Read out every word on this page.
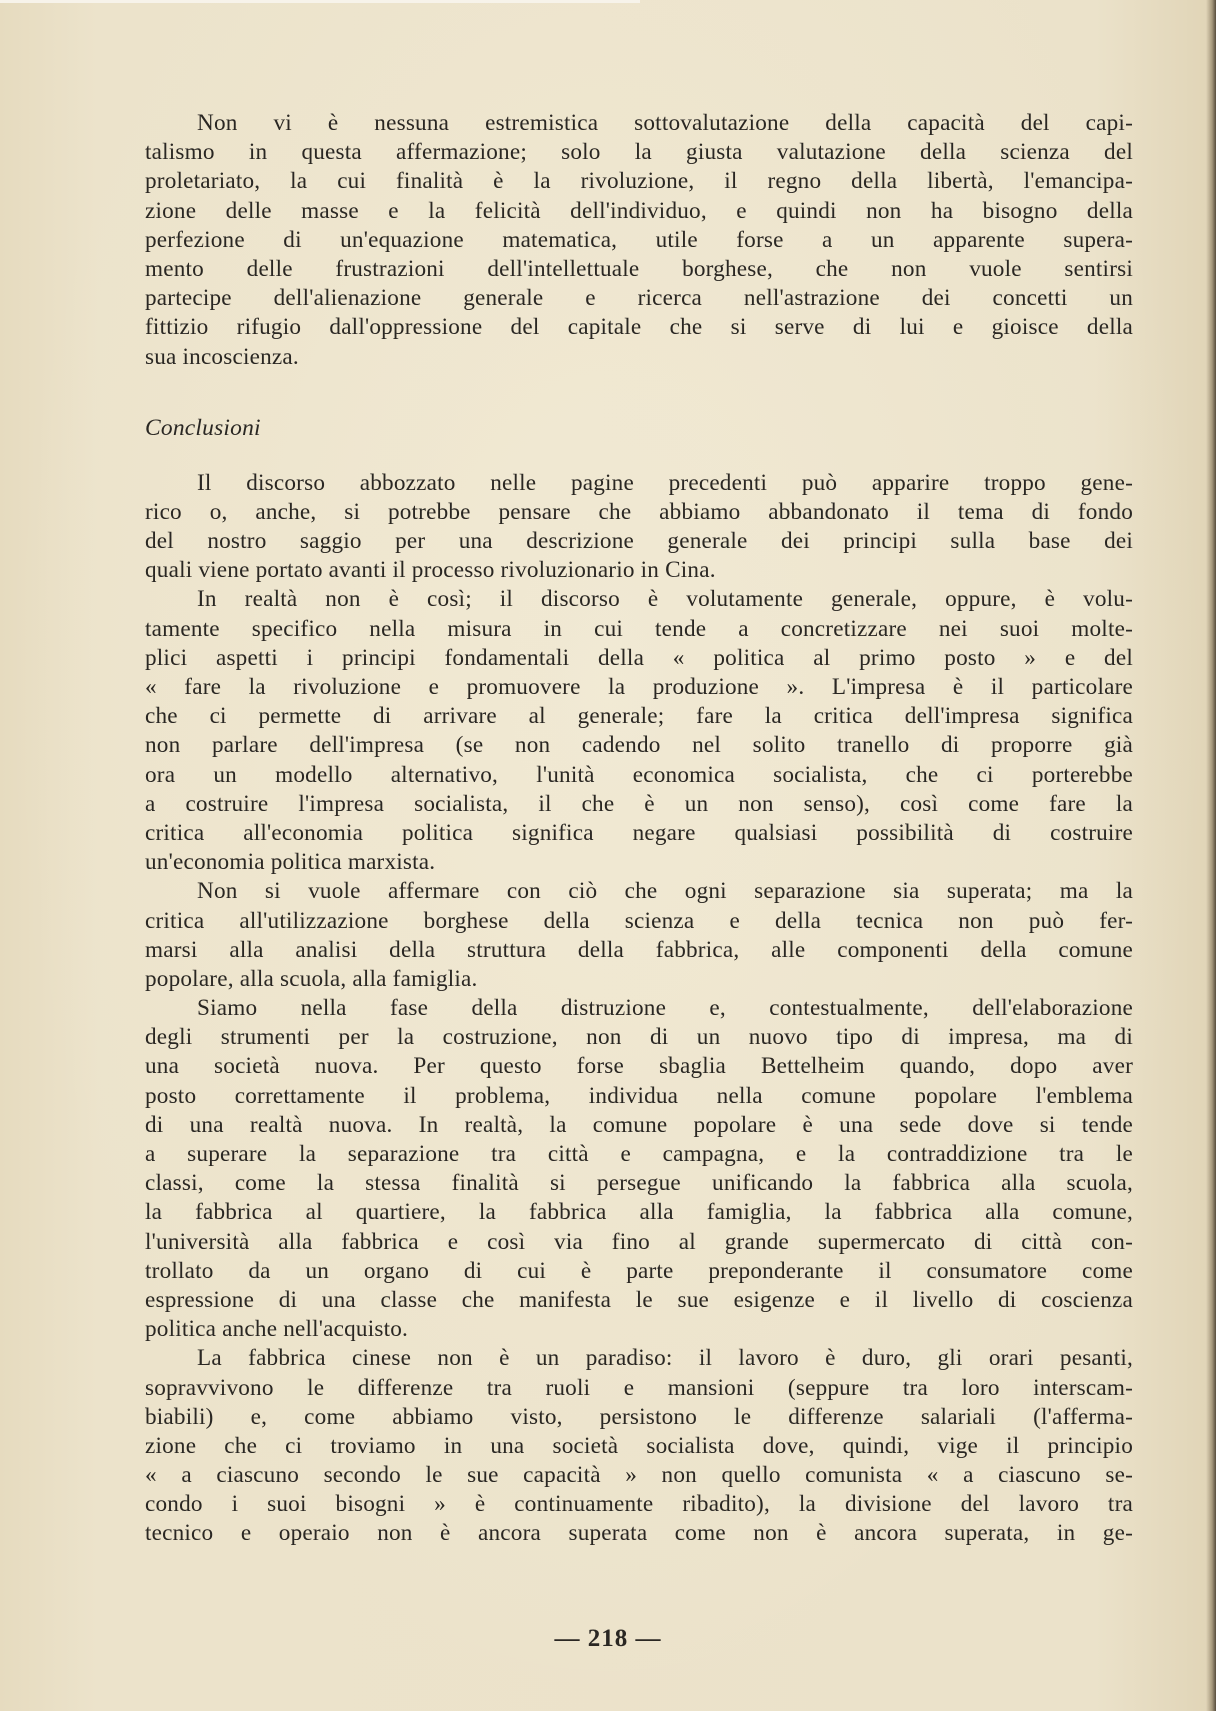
Non vi è nessuna estremistica sottovalutazione della capacità del capi-
talismo in questa affermazione; solo la giusta valutazione della scienza del
proletariato, la cui finalità è la rivoluzione, il regno della libertà, l'emancipa-
zione delle masse e la felicità dell'individuo, e quindi non ha bisogno della
perfezione di un'equazione matematica, utile forse a un apparente supera-
mento delle frustrazioni dell'intellettuale borghese, che non vuole sentirsi
partecipe dell'alienazione generale e ricerca nell'astrazione dei concetti un
fittizio rifugio dall'oppressione del capitale che si serve di lui e gioisce della
sua incoscienza.
Conclusioni
Il discorso abbozzato nelle pagine precedenti può apparire troppo gene-
rico o, anche, si potrebbe pensare che abbiamo abbandonato il tema di fondo
del nostro saggio per una descrizione generale dei principi sulla base dei
quali viene portato avanti il processo rivoluzionario in Cina.
In realtà non è così; il discorso è volutamente generale, oppure, è volu-
tamente specifico nella misura in cui tende a concretizzare nei suoi molte-
plici aspetti i principi fondamentali della « politica al primo posto » e del
« fare la rivoluzione e promuovere la produzione ». L'impresa è il particolare
che ci permette di arrivare al generale; fare la critica dell'impresa significa
non parlare dell'impresa (se non cadendo nel solito tranello di proporre già
ora un modello alternativo, l'unità economica socialista, che ci porterebbe
a costruire l'impresa socialista, il che è un non senso), così come fare la
critica all'economia politica significa negare qualsiasi possibilità di costruire
un'economia politica marxista.
Non si vuole affermare con ciò che ogni separazione sia superata; ma la
critica all'utilizzazione borghese della scienza e della tecnica non può fer-
marsi alla analisi della struttura della fabbrica, alle componenti della comune
popolare, alla scuola, alla famiglia.
Siamo nella fase della distruzione e, contestualmente, dell'elaborazione
degli strumenti per la costruzione, non di un nuovo tipo di impresa, ma di
una società nuova. Per questo forse sbaglia Bettelheim quando, dopo aver
posto correttamente il problema, individua nella comune popolare l'emblema
di una realtà nuova. In realtà, la comune popolare è una sede dove si tende
a superare la separazione tra città e campagna, e la contraddizione tra le
classi, come la stessa finalità si persegue unificando la fabbrica alla scuola,
la fabbrica al quartiere, la fabbrica alla famiglia, la fabbrica alla comune,
l'università alla fabbrica e così via fino al grande supermercato di città con-
trollato da un organo di cui è parte preponderante il consumatore come
espressione di una classe che manifesta le sue esigenze e il livello di coscienza
politica anche nell'acquisto.
La fabbrica cinese non è un paradiso: il lavoro è duro, gli orari pesanti,
sopravvivono le differenze tra ruoli e mansioni (seppure tra loro interscam-
biabili) e, come abbiamo visto, persistono le differenze salariali (l'afferma-
zione che ci troviamo in una società socialista dove, quindi, vige il principio
« a ciascuno secondo le sue capacità » non quello comunista « a ciascuno se-
condo i suoi bisogni » è continuamente ribadito), la divisione del lavoro tra
tecnico e operaio non è ancora superata come non è ancora superata, in ge-
— 218 —
